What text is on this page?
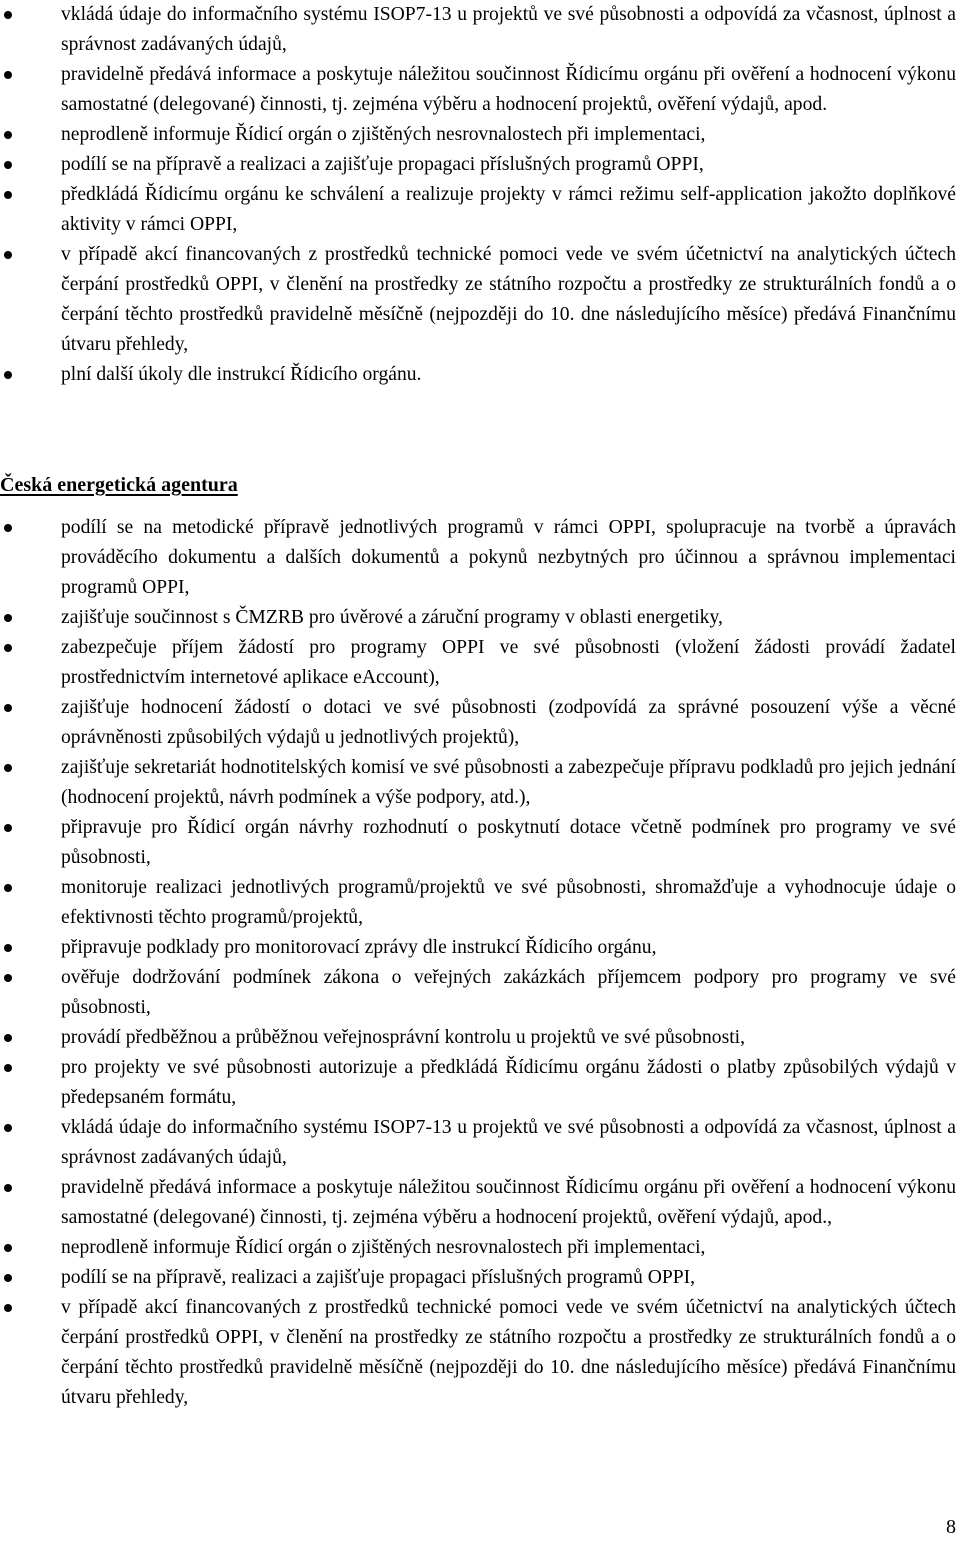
vkládá údaje do informačního systému ISOP7-13 u projektů ve své působnosti a odpovídá za včasnost, úplnost a správnost zadávaných údajů,
pravidelně předává informace a poskytuje náležitou součinnost Řídicímu orgánu při ověření a hodnocení výkonu samostatné (delegované) činnosti, tj. zejména výběru a hodnocení projektů, ověření výdajů, apod.
neprodleně informuje Řídicí orgán o zjištěných nesrovnalostech při implementaci,
podílí se na přípravě a realizaci a zajišťuje propagaci příslušných programů OPPI,
předkládá Řídicímu orgánu ke schválení a realizuje projekty v rámci režimu self-application jakožto doplňkové aktivity v rámci OPPI,
v případě akcí financovaných z prostředků technické pomoci vede ve svém účetnictví na analytických účtech čerpání prostředků OPPI, v členění na prostředky ze státního rozpočtu a prostředky ze strukturálních fondů a o čerpání těchto prostředků pravidelně měsíčně (nejpozději do 10. dne následujícího měsíce) předává Finančnímu útvaru přehledy,
plní další úkoly dle instrukcí Řídicího orgánu.
Česká energetická agentura
podílí se na metodické přípravě jednotlivých programů v rámci OPPI, spolupracuje na tvorbě a úpravách prováděcího dokumentu a dalších dokumentů a pokynů nezbytných pro účinnou a správnou implementaci programů OPPI,
zajišťuje součinnost s ČMZRB pro úvěrové a záruční programy v oblasti energetiky,
zabezpečuje příjem žádostí pro programy OPPI ve své působnosti (vložení žádosti provádí žadatel prostřednictvím internetové aplikace eAccount),
zajišťuje hodnocení žádostí o dotaci ve své působnosti (zodpovídá za správné posouzení výše a věcné oprávněnosti způsobilých výdajů u jednotlivých projektů),
zajišťuje sekretariát hodnotitelských komisí ve své působnosti a zabezpečuje přípravu podkladů pro jejich jednání (hodnocení projektů, návrh podmínek a výše podpory, atd.),
připravuje pro Řídicí orgán návrhy rozhodnutí o poskytnutí dotace včetně podmínek pro programy ve své působnosti,
monitoruje realizaci jednotlivých programů/projektů ve své působnosti, shromažďuje a vyhodnocuje údaje o efektivnosti těchto programů/projektů,
připravuje podklady pro monitorovací zprávy dle instrukcí Řídicího orgánu,
ověřuje dodržování podmínek zákona o veřejných zakázkách příjemcem podpory pro programy ve své působnosti,
provádí předběžnou a průběžnou veřejnosprávní kontrolu u projektů ve své působnosti,
pro projekty ve své působnosti autorizuje a předkládá Řídicímu orgánu žádosti o platby způsobilých výdajů v předepsaném formátu,
vkládá údaje do informačního systému ISOP7-13 u projektů ve své působnosti a odpovídá za včasnost, úplnost a správnost zadávaných údajů,
pravidelně předává informace a poskytuje náležitou součinnost Řídicímu orgánu při ověření a hodnocení výkonu samostatné (delegované) činnosti, tj. zejména výběru a hodnocení projektů, ověření výdajů, apod.,
neprodleně informuje Řídicí orgán o zjištěných nesrovnalostech při implementaci,
podílí se na přípravě, realizaci a zajišťuje propagaci příslušných programů OPPI,
v případě akcí financovaných z prostředků technické pomoci vede ve svém účetnictví na analytických účtech čerpání prostředků OPPI, v členění na prostředky ze státního rozpočtu a prostředky ze strukturálních fondů a o čerpání těchto prostředků pravidelně měsíčně (nejpozději do 10. dne následujícího měsíce) předává Finančnímu útvaru přehledy,
8
